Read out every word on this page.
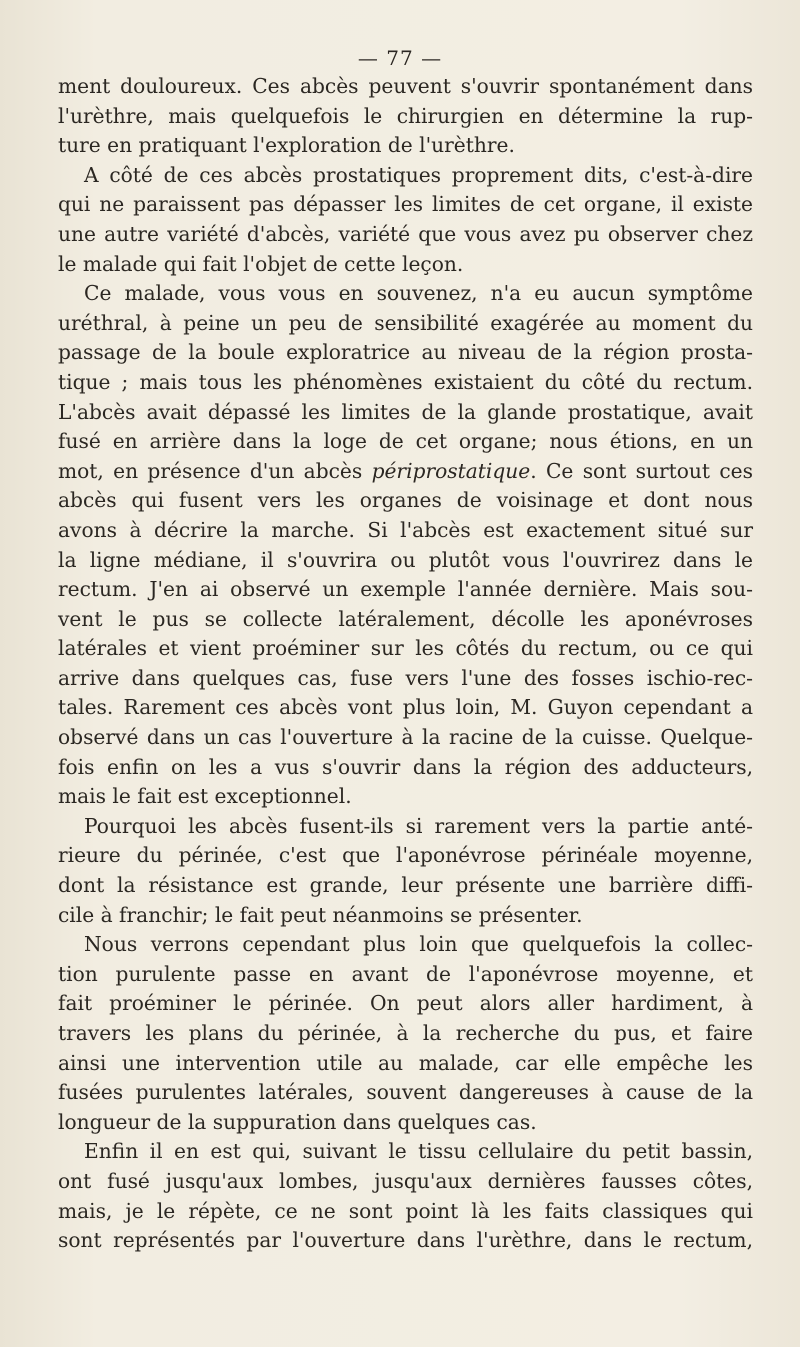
— 77 —
ment douloureux. Ces abcès peuvent s'ouvrir spontanément dans
l'urèthre, mais quelquefois le chirurgien en détermine la rup-
ture en pratiquant l'exploration de l'urèthre.
A côté de ces abcès prostatiques proprement dits, c'est-à-dire
qui ne paraissent pas dépasser les limites de cet organe, il existe
une autre variété d'abcès, variété que vous avez pu observer chez
le malade qui fait l'objet de cette leçon.
Ce malade, vous vous en souvenez, n'a eu aucun symptôme
uréthral, à peine un peu de sensibilité exagérée au moment du
passage de la boule exploratrice au niveau de la région prosta-
tique ; mais tous les phénomènes existaient du côté du rectum.
L'abcès avait dépassé les limites de la glande prostatique, avait
fusé en arrière dans la loge de cet organe; nous étions, en un
mot, en présence d'un abcès périprostatique. Ce sont surtout ces
abcès qui fusent vers les organes de voisinage et dont nous
avons à décrire la marche. Si l'abcès est exactement situé sur
la ligne médiane, il s'ouvrira ou plutôt vous l'ouvrirez dans le
rectum. J'en ai observé un exemple l'année dernière. Mais sou-
vent le pus se collecte latéralement, décolle les aponévroses
latérales et vient proéminer sur les côtés du rectum, ou ce qui
arrive dans quelques cas, fuse vers l'une des fosses ischio-rec-
tales. Rarement ces abcès vont plus loin, M. Guyon cependant a
observé dans un cas l'ouverture à la racine de la cuisse. Quelque-
fois enfin on les a vus s'ouvrir dans la région des adducteurs,
mais le fait est exceptionnel.
Pourquoi les abcès fusent-ils si rarement vers la partie anté-
rieure du périnée, c'est que l'aponévrose périnéale moyenne,
dont la résistance est grande, leur présente une barrière diffi-
cile à franchir; le fait peut néanmoins se présenter.
Nous verrons cependant plus loin que quelquefois la collec-
tion purulente passe en avant de l'aponévrose moyenne, et
fait proéminer le périnée. On peut alors aller hardiment, à
travers les plans du périnée, à la recherche du pus, et faire
ainsi une intervention utile au malade, car elle empêche les
fusées purulentes latérales, souvent dangereuses à cause de la
longueur de la suppuration dans quelques cas.
Enfin il en est qui, suivant le tissu cellulaire du petit bassin,
ont fusé jusqu'aux lombes, jusqu'aux dernières fausses côtes,
mais, je le répète, ce ne sont point là les faits classiques qui
sont représentés par l'ouverture dans l'urèthre, dans le rectum,
